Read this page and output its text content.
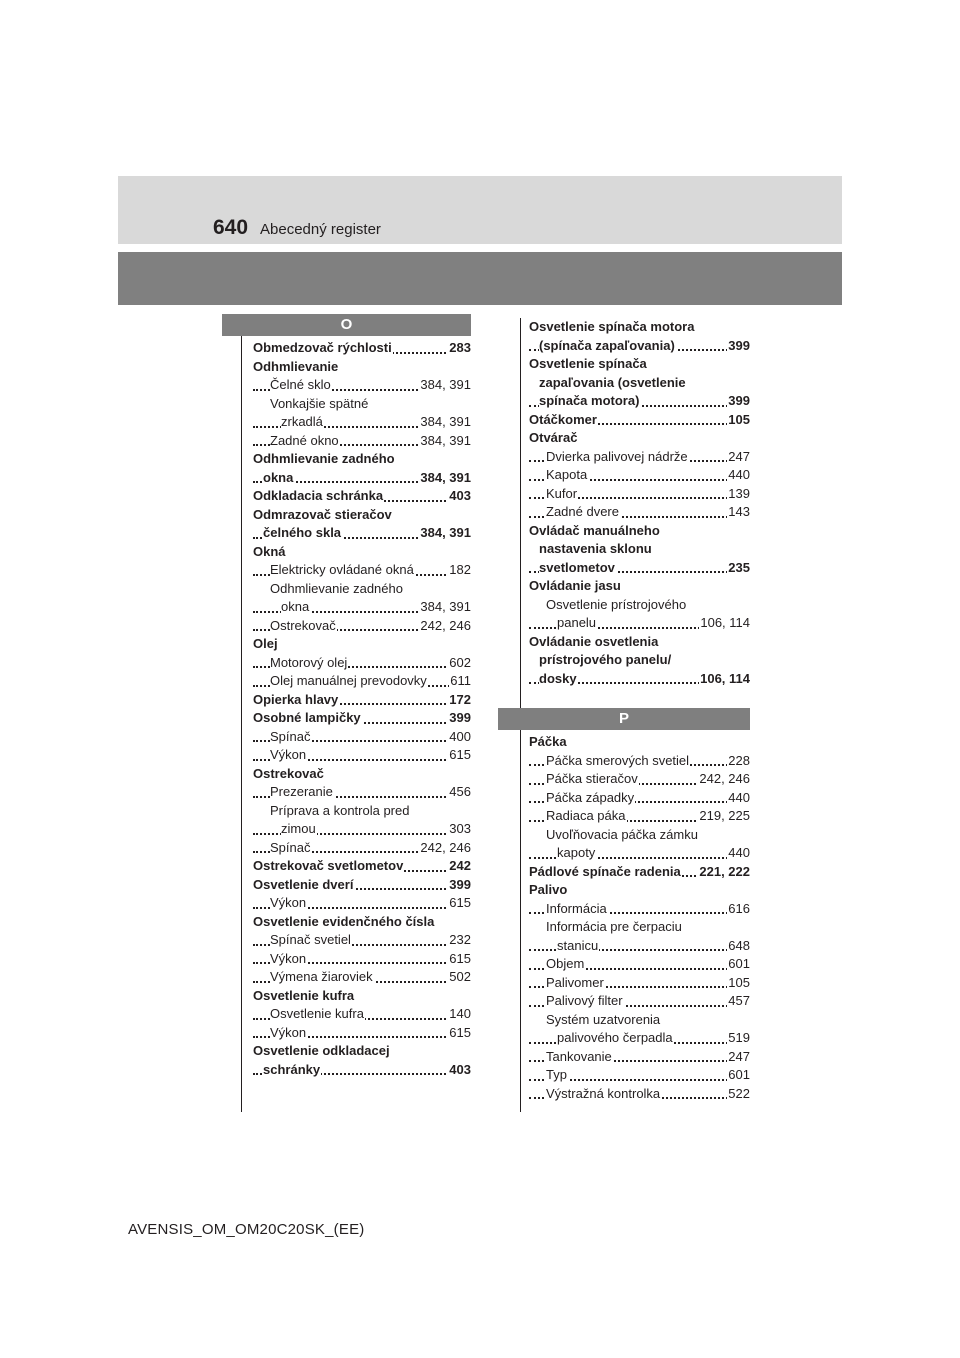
640 Abecedný register
O
Obmedzovač rýchlosti	283
Odhmlievanie
Čelné sklo	384, 391
Vonkajšie spätné
zrkadlá	384, 391
Zadné okno	384, 391
Odhmlievanie zadného
okna	384, 391
Odkladacia schránka	403
Odmrazovač stieračov
čelného skla	384, 391
Okná
Elektricky ovládané okná	182
Odhmlievanie zadného
okna	384, 391
Ostrekovač	242, 246
Olej
Motorový olej	602
Olej manuálnej prevodovky 611
Opierka hlavy	172
Osobné lampičky	399
Spínač	400
Výkon	615
Ostrekovač
Prezeranie	456
Príprava a kontrola pred
zimou	303
Spínač	242, 246
Ostrekovač svetlometov	242
Osvetlenie dverí	399
Výkon	615
Osvetlenie evidenčného čísla
Spínač svetiel	232
Výkon	615
Výmena žiaroviek	502
Osvetlenie kufra
Osvetlenie kufra	140
Výkon	615
Osvetlenie odkladacej
schránky	403
Osvetlenie spínača motora
(spínača zapaľovania)	399
Osvetlenie spínača
zapaľovania (osvetlenie
spínača motora)	399
Otáčkomer	105
Otvárač
Dvierka palivovej nádrže	247
Kapota	440
Kufor	139
Zadné dvere	143
Ovládač manuálneho
nastavenia sklonu
svetlometov	235
Ovládanie jasu
Osvetlenie prístrojového
panelu	106, 114
Ovládanie osvetlenia
prístrojového panelu/
dosky	106, 114
P
Páčka
Páčka smerových svetiel	228
Páčka stieračov	242, 246
Páčka západky	440
Radiaca páka	219, 225
Uvoľňovacia páčka zámku
kapoty	440
Pádlové spínače radenia 221, 222
Palivo
Informácia	616
Informácia pre čerpaciu
stanicu	648
Objem	601
Palivomer	105
Palivový filter	457
Systém uzatvorenia
palivového čerpadla	519
Tankovanie	247
Typ	601
Výstražná kontrolka	522
AVENSIS_OM_OM20C20SK_(EE)
